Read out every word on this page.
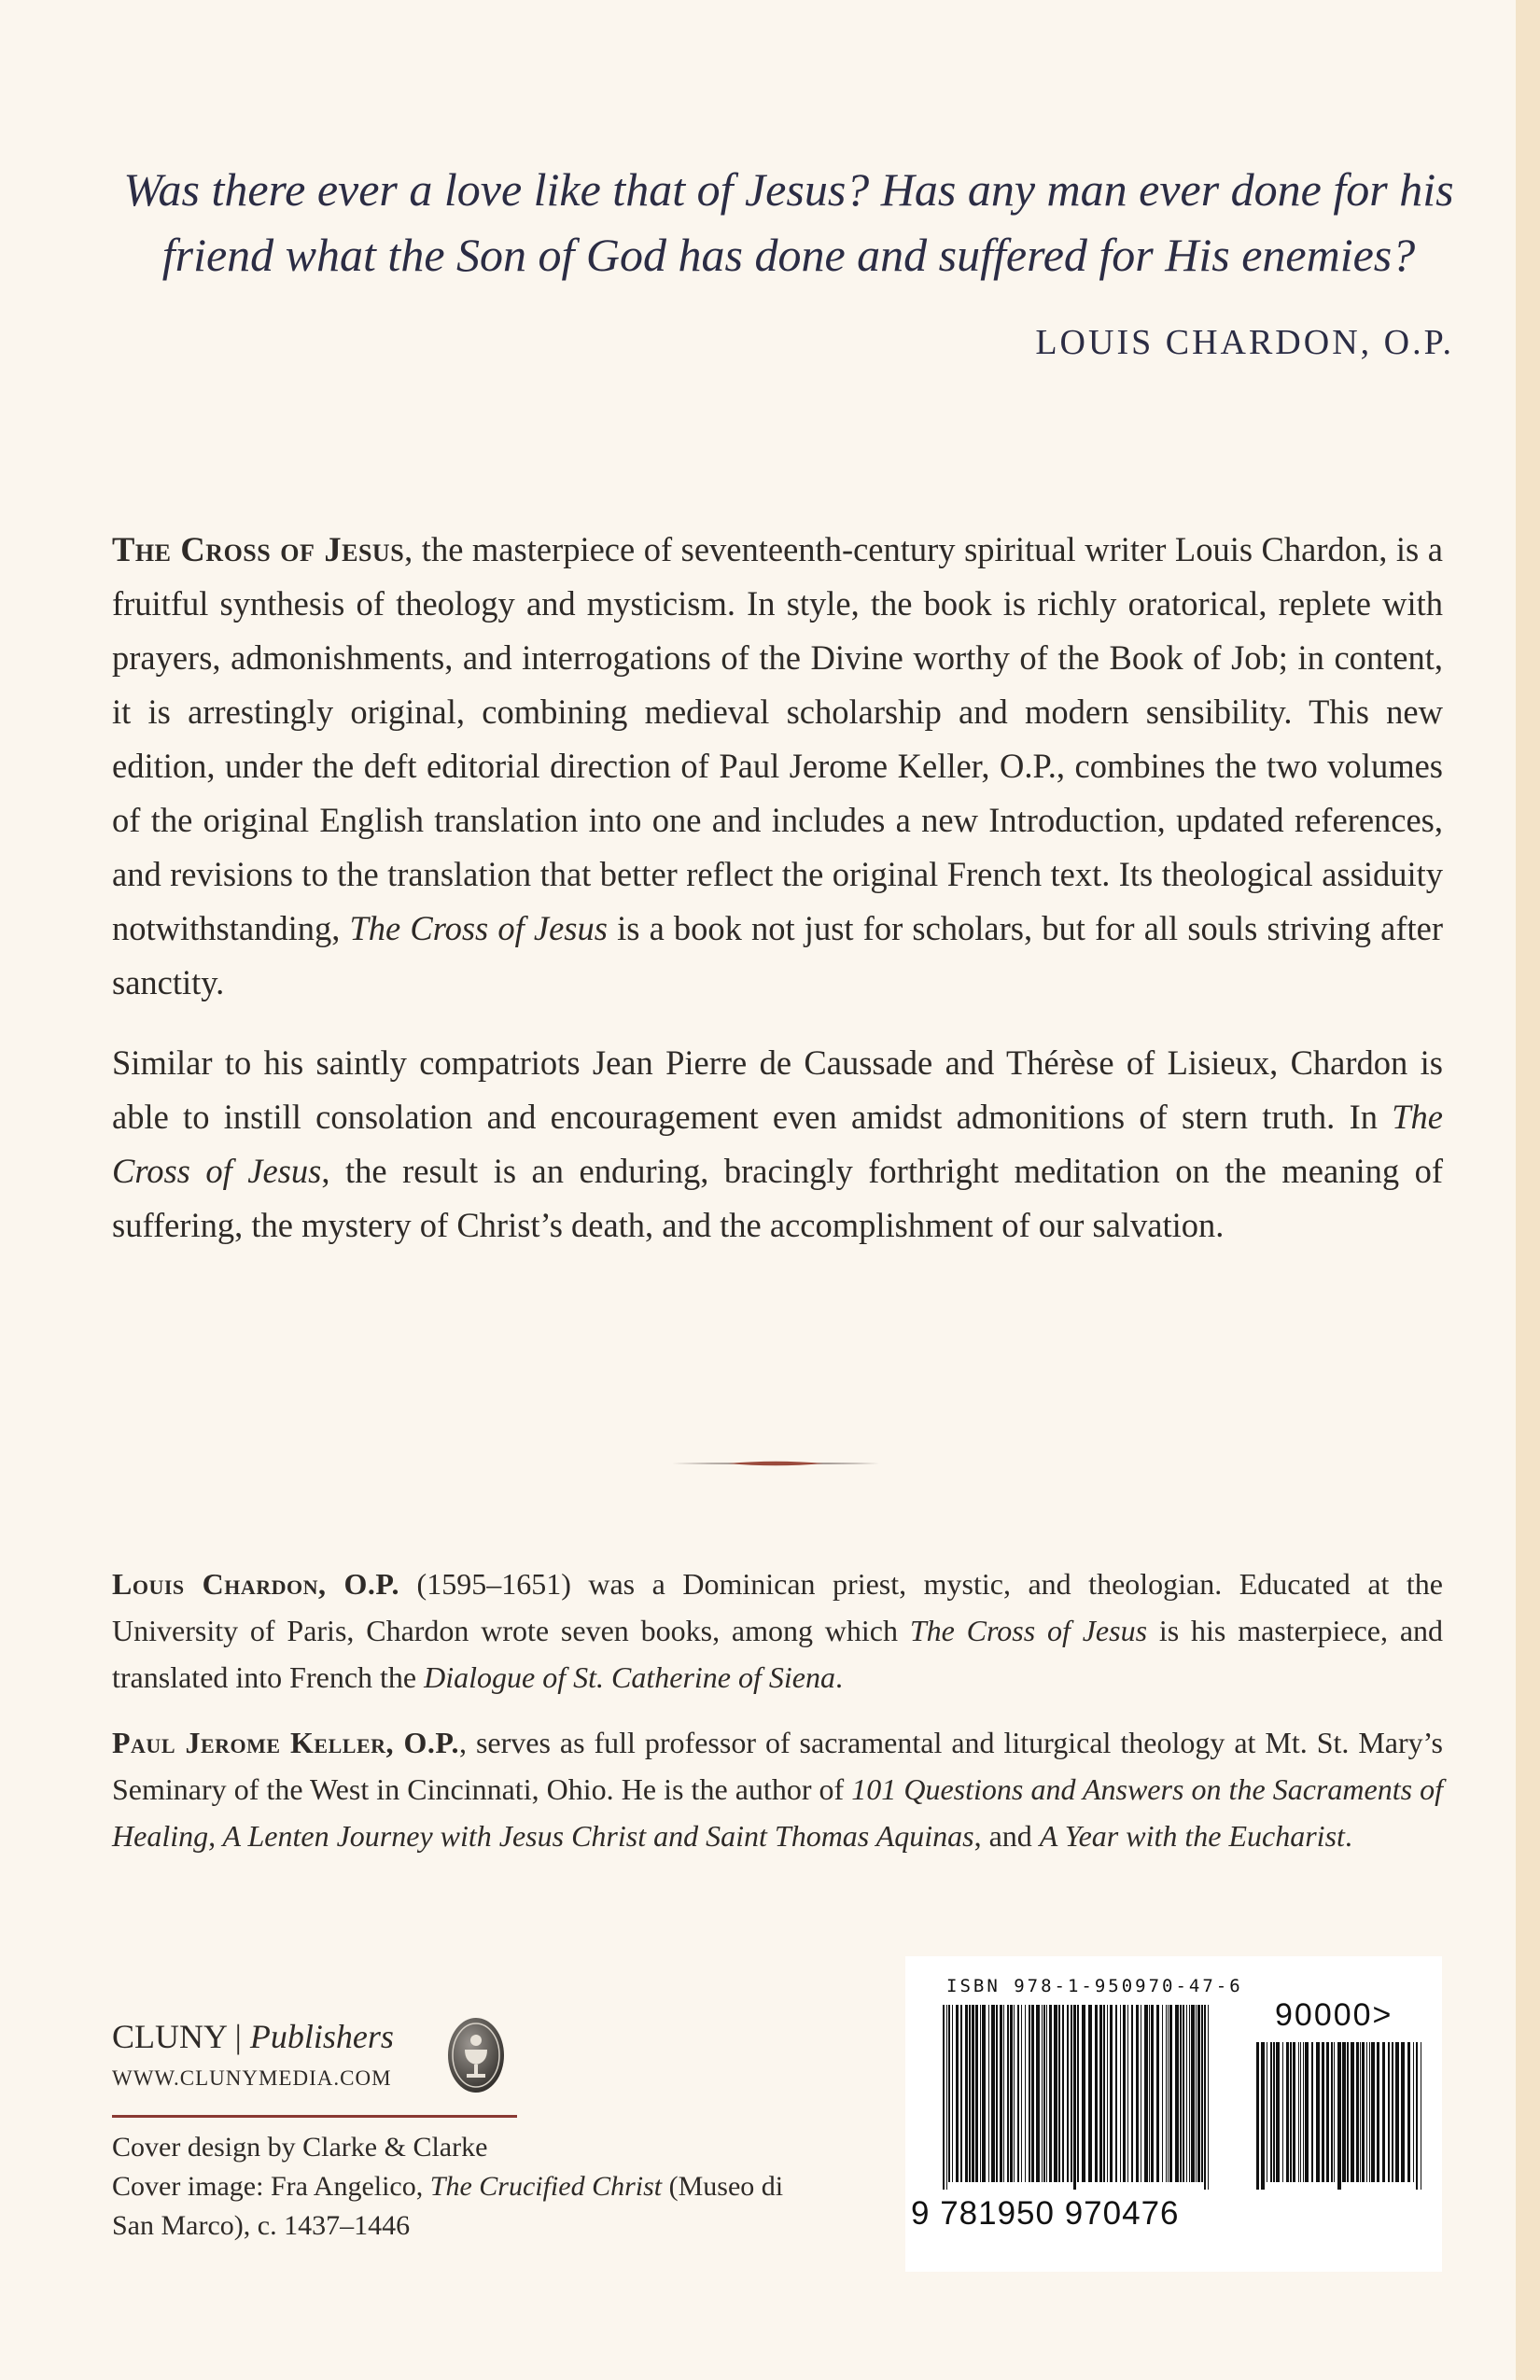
Was there ever a love like that of Jesus? Has any man ever done for his
friend what the Son of God has done and suffered for His enemies?
LOUIS CHARDON, O.P.

The Cross of Jesus, the masterpiece of seventeenth-century spiritual writer Louis Chardon, is a fruitful synthesis of theology and mysticism. In style, the book is richly oratorical, replete with prayers, admonishments, and interrogations of the Divine worthy of the Book of Job; in content, it is arrestingly original, combining medieval scholarship and modern sensibility. This new edition, under the deft editorial direction of Paul Jerome Keller, O.P., combines the two volumes of the original English translation into one and includes a new Introduction, updated references, and revisions to the translation that better reflect the original French text. Its theological assiduity notwithstanding, The Cross of Jesus is a book not just for scholars, but for all souls striving after sanctity.

Similar to his saintly compatriots Jean Pierre de Caussade and Thérèse of Lisieux, Chardon is able to instill consolation and encouragement even amidst admonitions of stern truth. In The Cross of Jesus, the result is an enduring, bracingly forthright meditation on the meaning of suffering, the mystery of Christ’s death, and the accomplishment of our salvation.

Louis Chardon, O.P. (1595–1651) was a Dominican priest, mystic, and theologian. Educated at the University of Paris, Chardon wrote seven books, among which The Cross of Jesus is his masterpiece, and translated into French the Dialogue of St. Catherine of Siena.

Paul Jerome Keller, O.P., serves as full professor of sacramental and liturgical theology at Mt. St. Mary’s Seminary of the West in Cincinnati, Ohio. He is the author of 101 Questions and Answers on the Sacraments of Healing, A Lenten Journey with Jesus Christ and Saint Thomas Aquinas, and A Year with the Eucharist.

CLUNY | Publishers
WWW.CLUNYMEDIA.COM
Cover design by Clarke & Clarke
Cover image: Fra Angelico, The Crucified Christ (Museo di San Marco), c. 1437–1446
ISBN 978-1-950970-47-6
90000>
9 781950 970476
